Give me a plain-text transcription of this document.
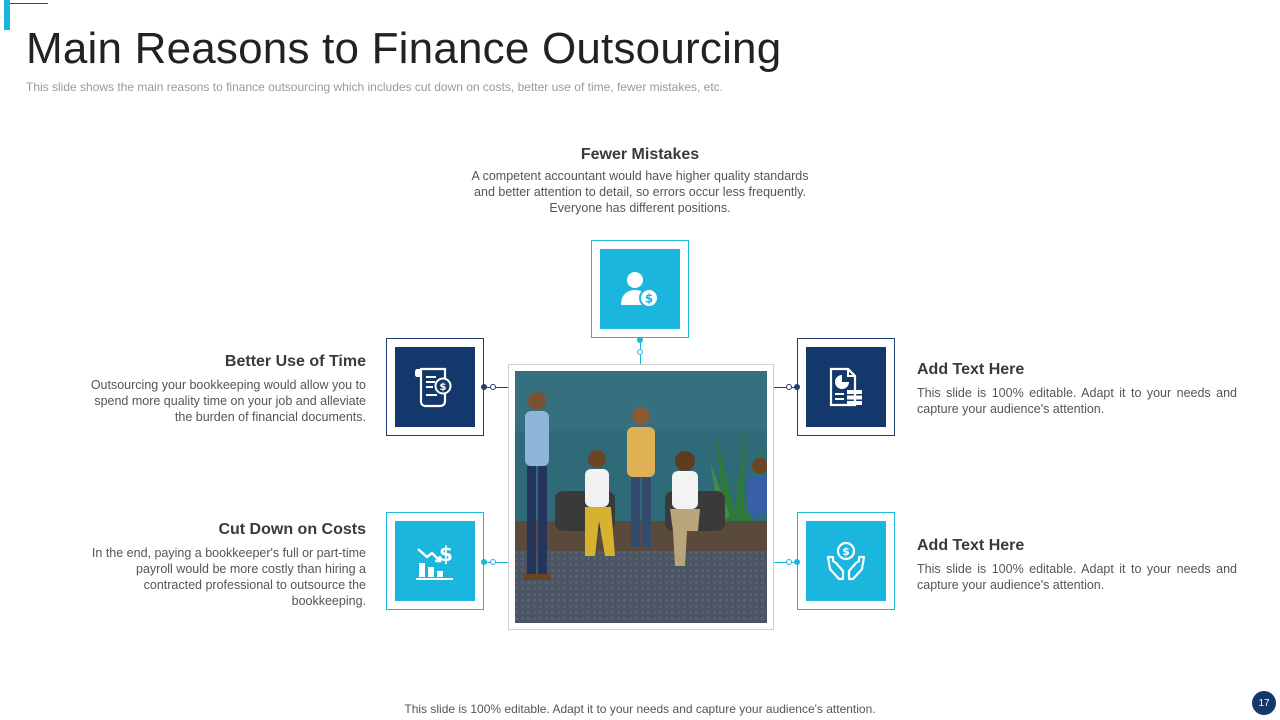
Main Reasons to Finance Outsourcing
This slide shows the main reasons to finance outsourcing which includes cut down on costs, better use of time, fewer mistakes, etc.
Fewer Mistakes
A competent accountant would have higher quality standards and better attention to detail, so errors occur less frequently. Everyone has different positions.
Better Use of Time
Outsourcing your bookkeeping would allow you to spend more quality time on your job and alleviate the burden of financial documents.
Cut Down on Costs
In the end, paying a bookkeeper's full or part-time payroll would be more costly than hiring a contracted professional to outsource the bookkeeping.
Add Text Here
This slide is 100% editable. Adapt it to your needs and capture your audience's attention.
Add Text Here
This slide is 100% editable. Adapt it to your needs and capture your audience's attention.
$
$
$	$
This slide is 100% editable. Adapt it to your needs and capture your audience's attention.	17
